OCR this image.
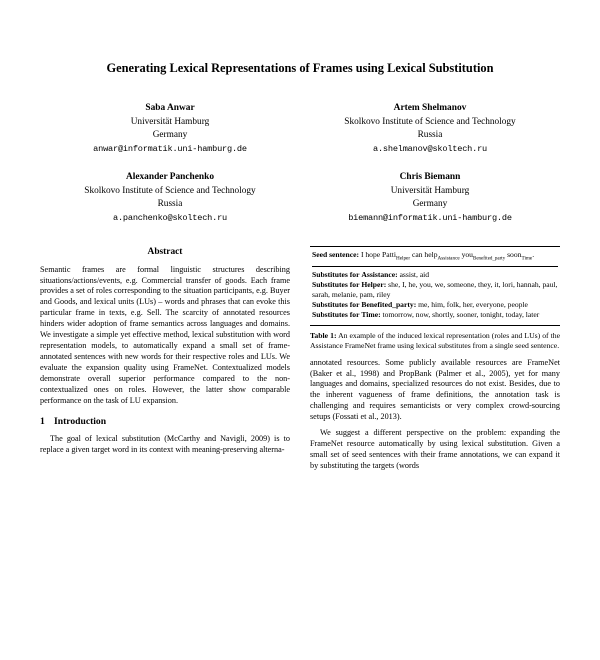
Generating Lexical Representations of Frames using Lexical Substitution
Saba Anwar
Universität Hamburg
Germany
anwar@informatik.uni-hamburg.de
Artem Shelmanov
Skolkovo Institute of Science and Technology
Russia
a.shelmanov@skoltech.ru
Alexander Panchenko
Skolkovo Institute of Science and Technology
Russia
a.panchenko@skoltech.ru
Chris Biemann
Universität Hamburg
Germany
biemann@informatik.uni-hamburg.de
Abstract

Semantic frames are formal linguistic structures describing situations/actions/events, e.g. Commercial transfer of goods. Each frame provides a set of roles corresponding to the situation participants, e.g. Buyer and Goods, and lexical units (LUs) – words and phrases that can evoke this particular frame in texts, e.g. Sell. The scarcity of annotated resources hinders wider adoption of frame semantics across languages and domains. We investigate a simple yet effective method, lexical substitution with word representation models, to automatically expand a small set of frame-annotated sentences with new words for their respective roles and LUs. We evaluate the expansion quality using FrameNet. Contextualized models demonstrate overall superior performance compared to the non-contextualized ones on roles. However, the latter show comparable performance on the task of LU expansion.

1 Introduction

The goal of lexical substitution (McCarthy and Navigli, 2009) is to replace a given target word in its context with meaning-preserving alterna-

Seed sentence: I hope Patti$_{Helper}$ can help$_{Assistance}$ you$_{Benefited\_party}$ soon$_{Time}$.
Substitutes for Assistance: assist, aid
Substitutes for Helper: she, I, he, you, we, someone, they, it, lori, hannah, paul, sarah, melanie, pam, riley
Substitutes for Benefited_party: me, him, folk, her, everyone, people
Substitutes for Time: tomorrow, now, shortly, sooner, tonight, today, later
Table 1: An example of the induced lexical representation (roles and LUs) of the Assistance FrameNet frame using lexical substitutes from a single seed sentence.

annotated resources. Some publicly available resources are FrameNet (Baker et al., 1998) and PropBank (Palmer et al., 2005), yet for many languages and domains, specialized resources do not exist. Besides, due to the inherent vagueness of frame definitions, the annotation task is challenging and requires semanticists or very complex crowd-sourcing setups (Fossati et al., 2013).

We suggest a different perspective on the problem: expanding the FrameNet resource automatically by using lexical substitution. Given a small set of seed sentences with their frame annotations, we can expand it by substituting the targets (words
